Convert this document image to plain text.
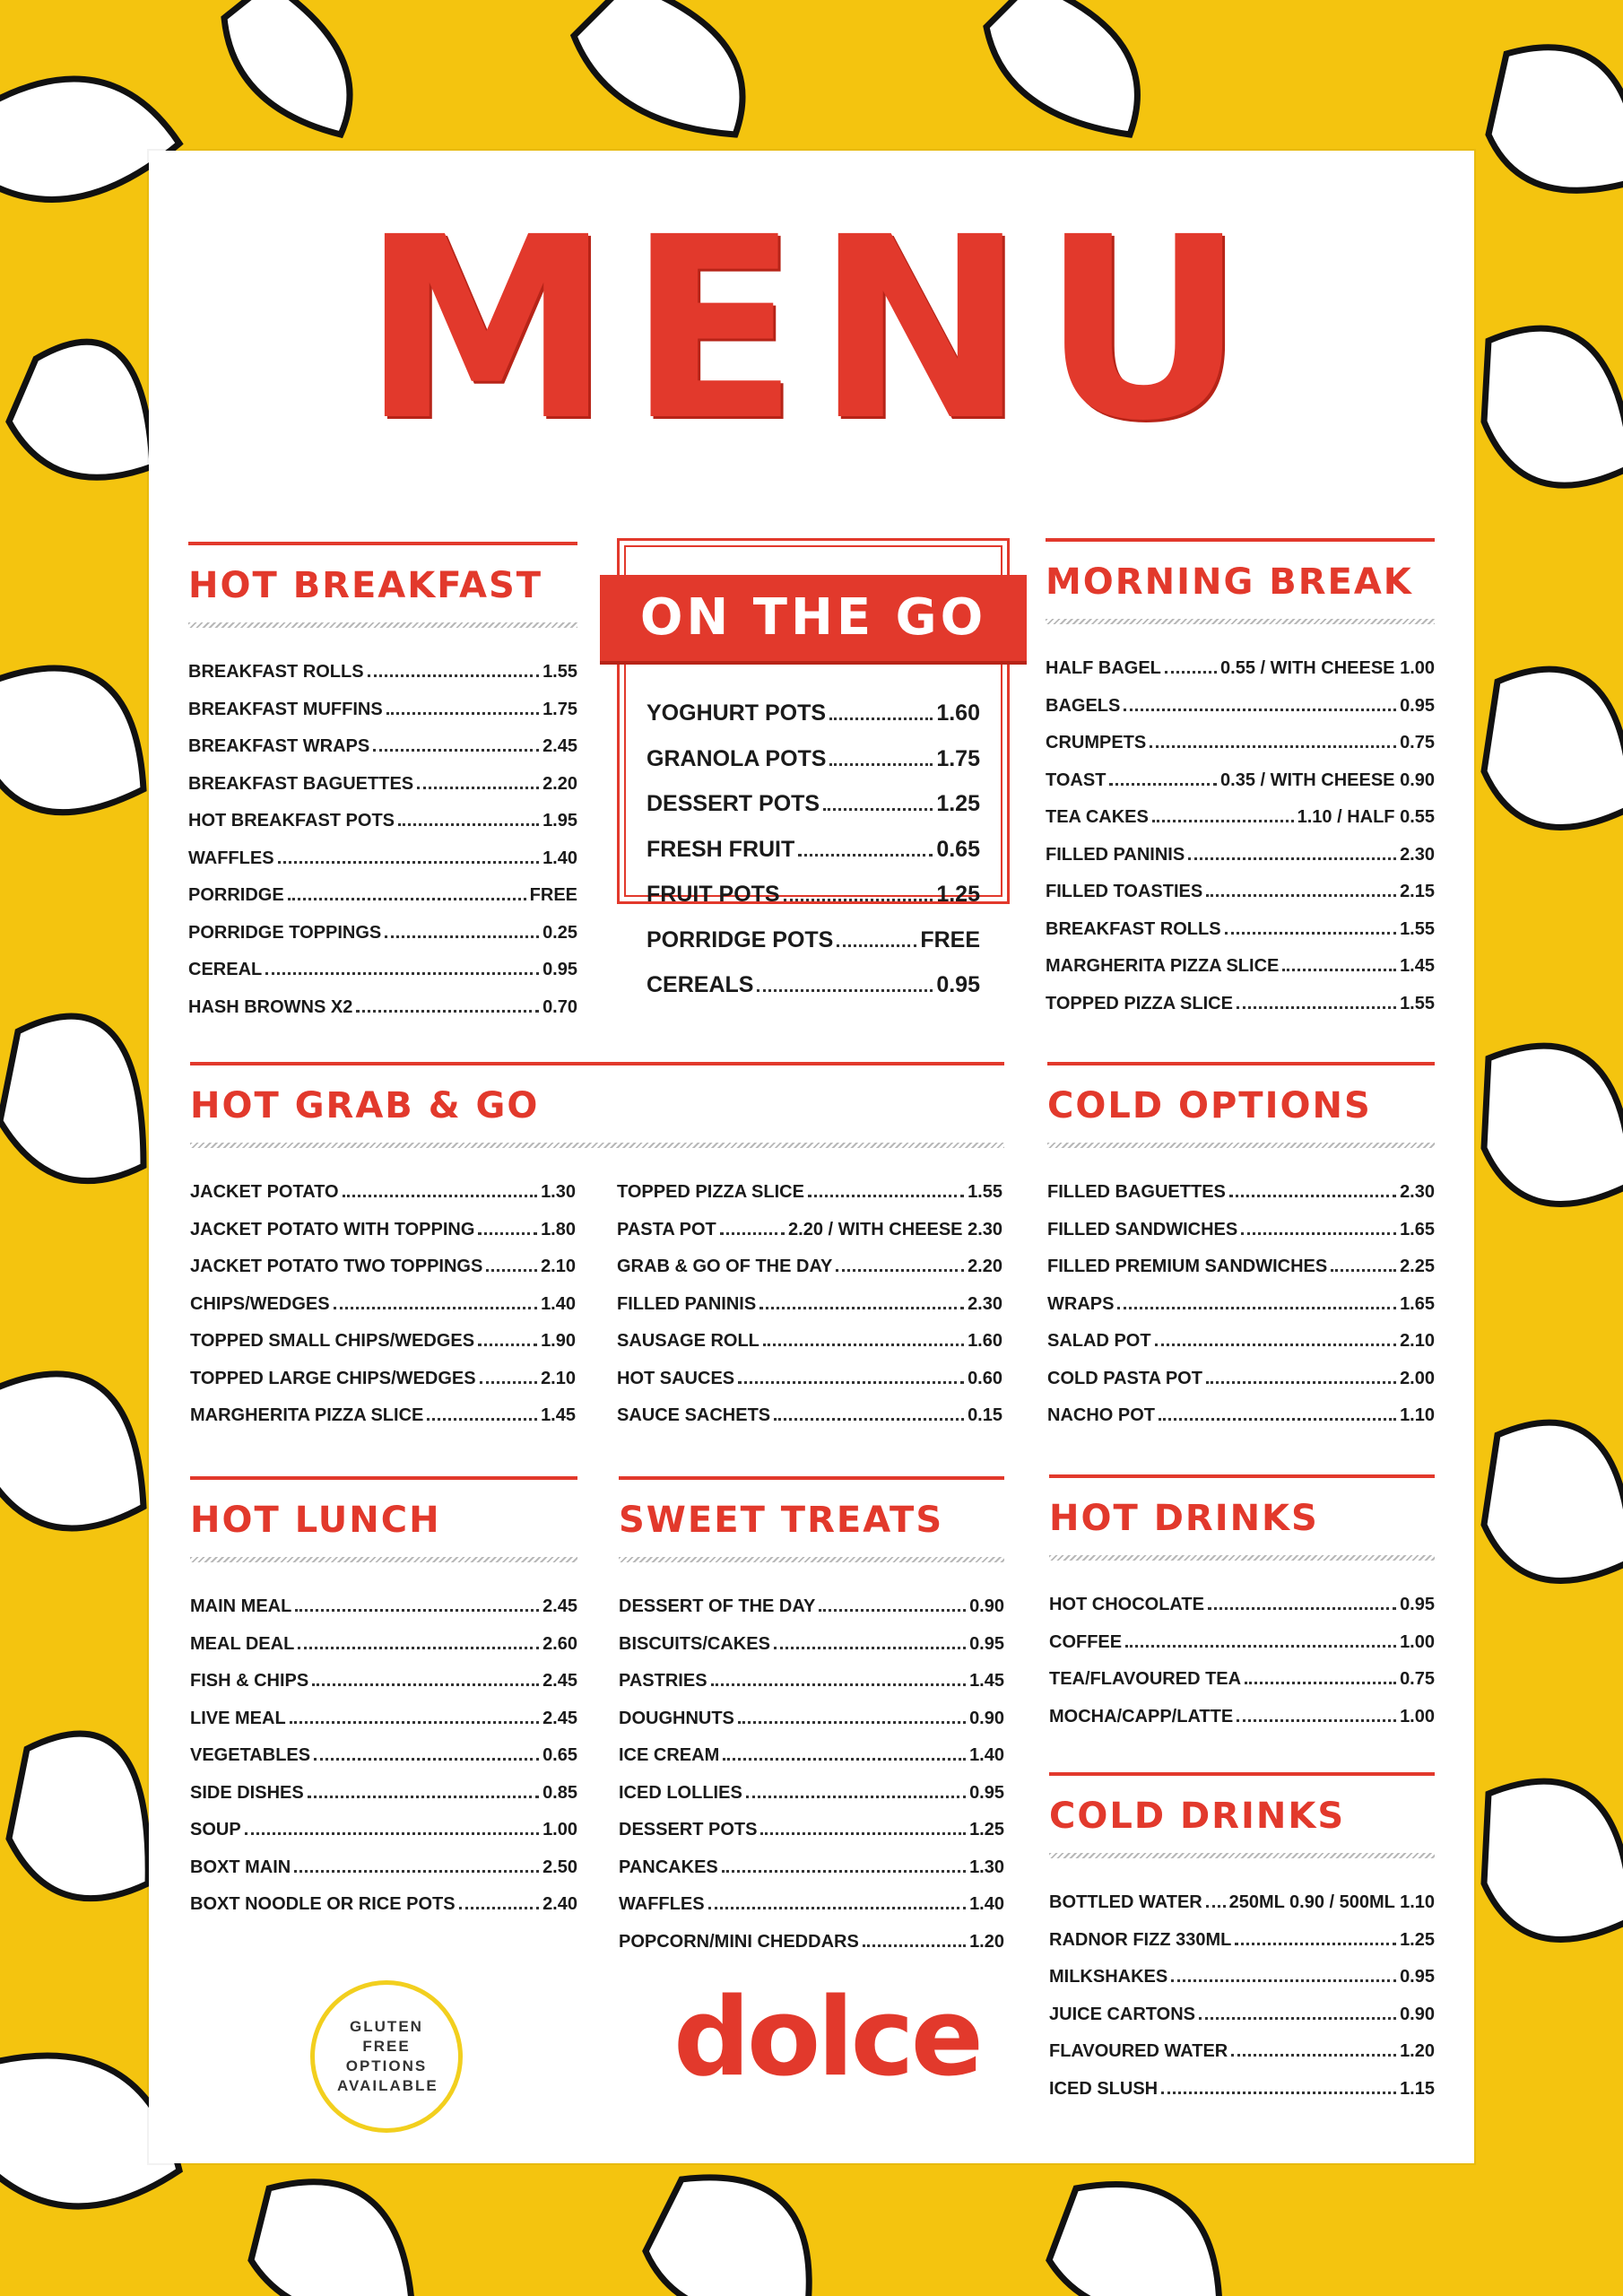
MENU
HOT BREAKFAST
BREAKFAST ROLLS	1.55
BREAKFAST MUFFINS	1.75
BREAKFAST WRAPS	2.45
BREAKFAST BAGUETTES	2.20
HOT BREAKFAST POTS	1.95
WAFFLES	1.40
PORRIDGE	FREE
PORRIDGE TOPPINGS	0.25
CEREAL	0.95
HASH BROWNS X2	0.70
ON THE GO
YOGHURT POTS	1.60
GRANOLA POTS	1.75
DESSERT POTS	1.25
FRESH FRUIT	0.65
FRUIT POTS	1.25
PORRIDGE POTS	FREE
CEREALS	0.95
MORNING BREAK
HALF BAGEL	0.55 / WITH CHEESE 1.00
BAGELS	0.95
CRUMPETS	0.75
TOAST	0.35 / WITH CHEESE 0.90
TEA CAKES	1.10 / HALF 0.55
FILLED PANINIS	2.30
FILLED TOASTIES	2.15
BREAKFAST ROLLS	1.55
MARGHERITA PIZZA SLICE	1.45
TOPPED PIZZA SLICE	1.55
HOT GRAB & GO
JACKET POTATO	1.30
JACKET POTATO WITH TOPPING	1.80
JACKET POTATO TWO TOPPINGS	2.10
CHIPS/WEDGES	1.40
TOPPED SMALL CHIPS/WEDGES	1.90
TOPPED LARGE CHIPS/WEDGES	2.10
MARGHERITA PIZZA SLICE	1.45
TOPPED PIZZA SLICE	1.55
PASTA POT	2.20 / WITH CHEESE 2.30
GRAB & GO OF THE DAY	2.20
FILLED PANINIS	2.30
SAUSAGE ROLL	1.60
HOT SAUCES	0.60
SAUCE SACHETS	0.15
COLD OPTIONS
FILLED BAGUETTES	2.30
FILLED SANDWICHES	1.65
FILLED PREMIUM SANDWICHES	2.25
WRAPS	1.65
SALAD POT	2.10
COLD PASTA POT	2.00
NACHO POT	1.10
HOT LUNCH
MAIN MEAL	2.45
MEAL DEAL	2.60
FISH & CHIPS	2.45
LIVE MEAL	2.45
VEGETABLES	0.65
SIDE DISHES	0.85
SOUP	1.00
BOXT MAIN	2.50
BOXT NOODLE OR RICE POTS	2.40
SWEET TREATS
DESSERT OF THE DAY	0.90
BISCUITS/CAKES	0.95
PASTRIES	1.45
DOUGHNUTS	0.90
ICE CREAM	1.40
ICED LOLLIES	0.95
DESSERT POTS	1.25
PANCAKES	1.30
WAFFLES	1.40
POPCORN/MINI CHEDDARS	1.20
HOT DRINKS
HOT CHOCOLATE	0.95
COFFEE	1.00
TEA/FLAVOURED TEA	0.75
MOCHA/CAPP/LATTE	1.00
COLD DRINKS
BOTTLED WATER 250ML 0.90 / 500ML 1.10
RADNOR FIZZ 330ML	1.25
MILKSHAKES	0.95
JUICE CARTONS	0.90
FLAVOURED WATER	1.20
ICED SLUSH	1.15
GLUTEN FREE OPTIONS AVAILABLE dolce
